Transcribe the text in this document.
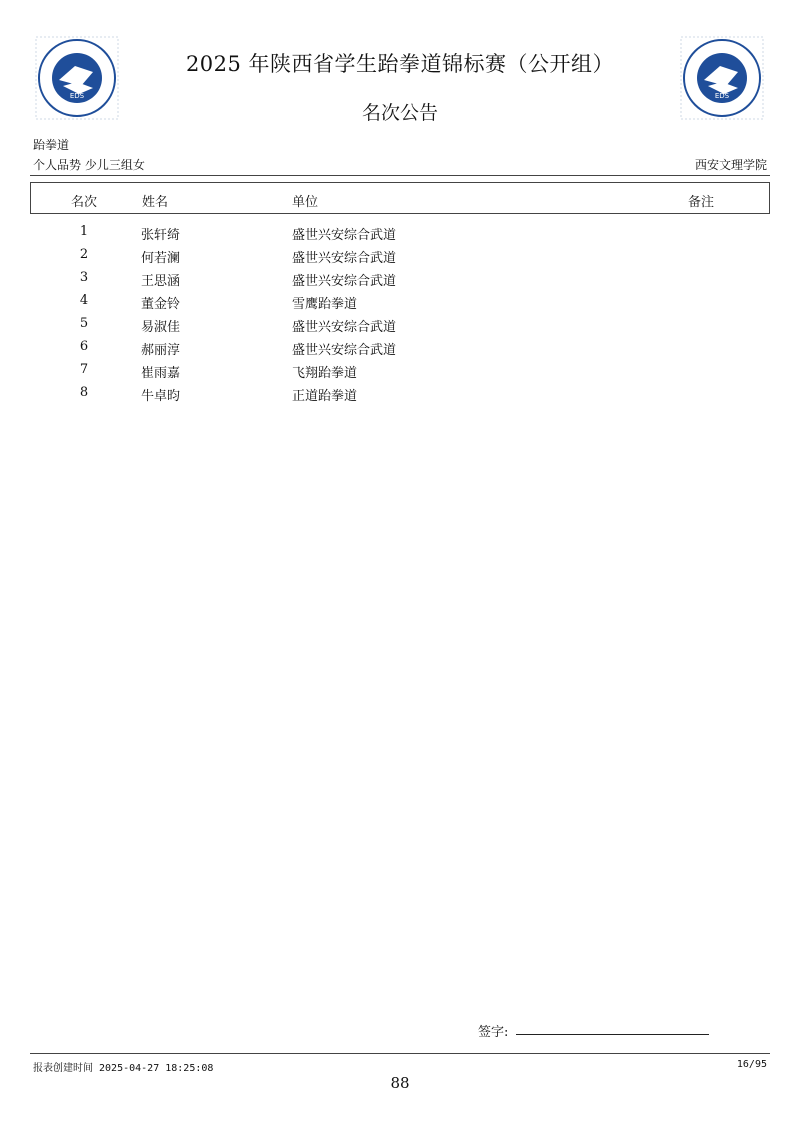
EDS	EDS
2025 年陕西省学生跆拳道锦标赛（公开组）
名次公告
跆拳道
个人品势 少儿三组女	西安文理学院
名次	姓名	单位	备注
1	张轩绮	盛世兴安综合武道
2	何若澜	盛世兴安综合武道
3	王思涵	盛世兴安综合武道
4	董金铃	雪鹰跆拳道
5	易淑佳	盛世兴安综合武道
6	郝丽淳	盛世兴安综合武道
7	崔雨嘉	飞翔跆拳道
8	牛卓昀	正道跆拳道
签字:
报表创建时间 2025-04-27 18:25:08	16/95
88
